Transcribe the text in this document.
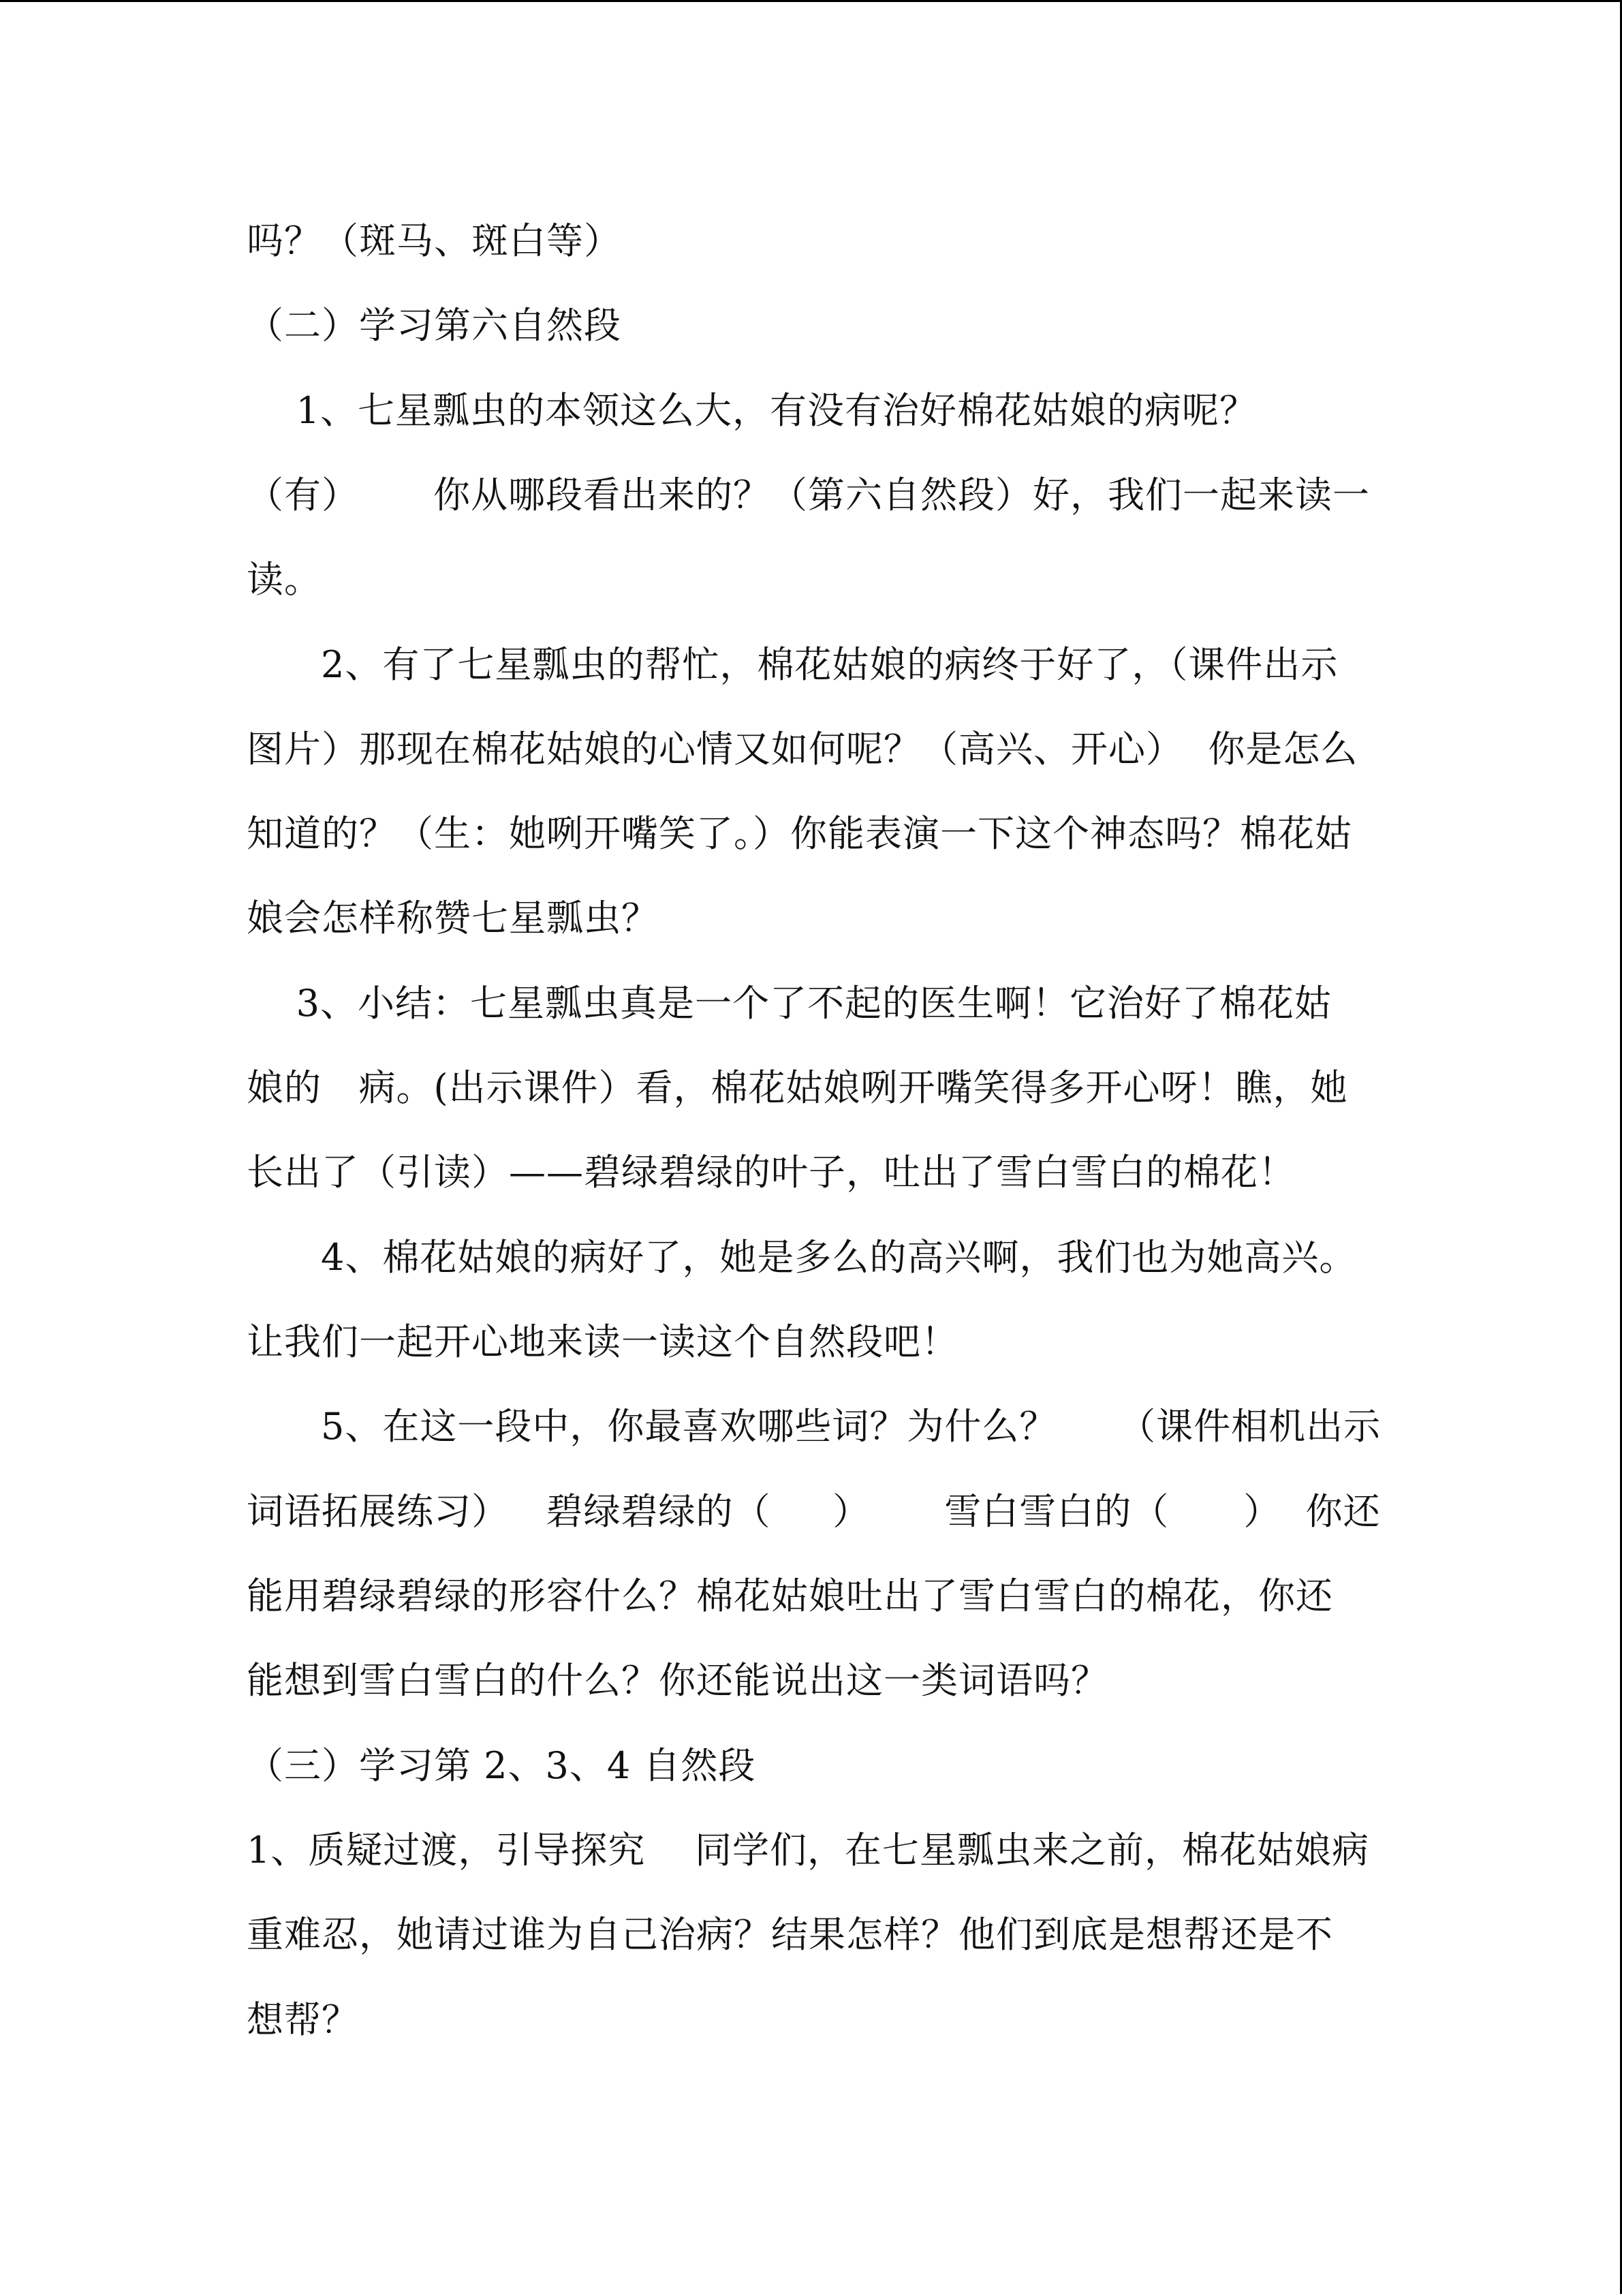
吗？（斑马、斑白等）
（二）学习第六自然段
1、七星瓢虫的本领这么大，有没有治好棉花姑娘的病呢？
（有）      你从哪段看出来的？（第六自然段）好，我们一起来读一
读。
2、有了七星瓢虫的帮忙，棉花姑娘的病终于好了，（课件出示
图片）那现在棉花姑娘的心情又如何呢？（高兴、开心）  你是怎么
知道的？（生：她咧开嘴笑了。）你能表演一下这个神态吗？棉花姑
娘会怎样称赞七星瓢虫？
3、小结：七星瓢虫真是一个了不起的医生啊！它治好了棉花姑
娘的   病。(出示课件）看，棉花姑娘咧开嘴笑得多开心呀！瞧，她
长出了（引读）——碧绿碧绿的叶子，吐出了雪白雪白的棉花！
4、棉花姑娘的病好了，她是多么的高兴啊，我们也为她高兴。
让我们一起开心地来读一读这个自然段吧！
5、在这一段中，你最喜欢哪些词？为什么？     （课件相机出示
词语拓展练习）   碧绿碧绿的（     ）      雪白雪白的（      ）  你还
能用碧绿碧绿的形容什么？棉花姑娘吐出了雪白雪白的棉花，你还
能想到雪白雪白的什么？你还能说出这一类词语吗？
（三）学习第 2、3、4 自然段
1、质疑过渡，引导探究    同学们，在七星瓢虫来之前，棉花姑娘病
重难忍，她请过谁为自己治病？结果怎样？他们到底是想帮还是不
想帮？
